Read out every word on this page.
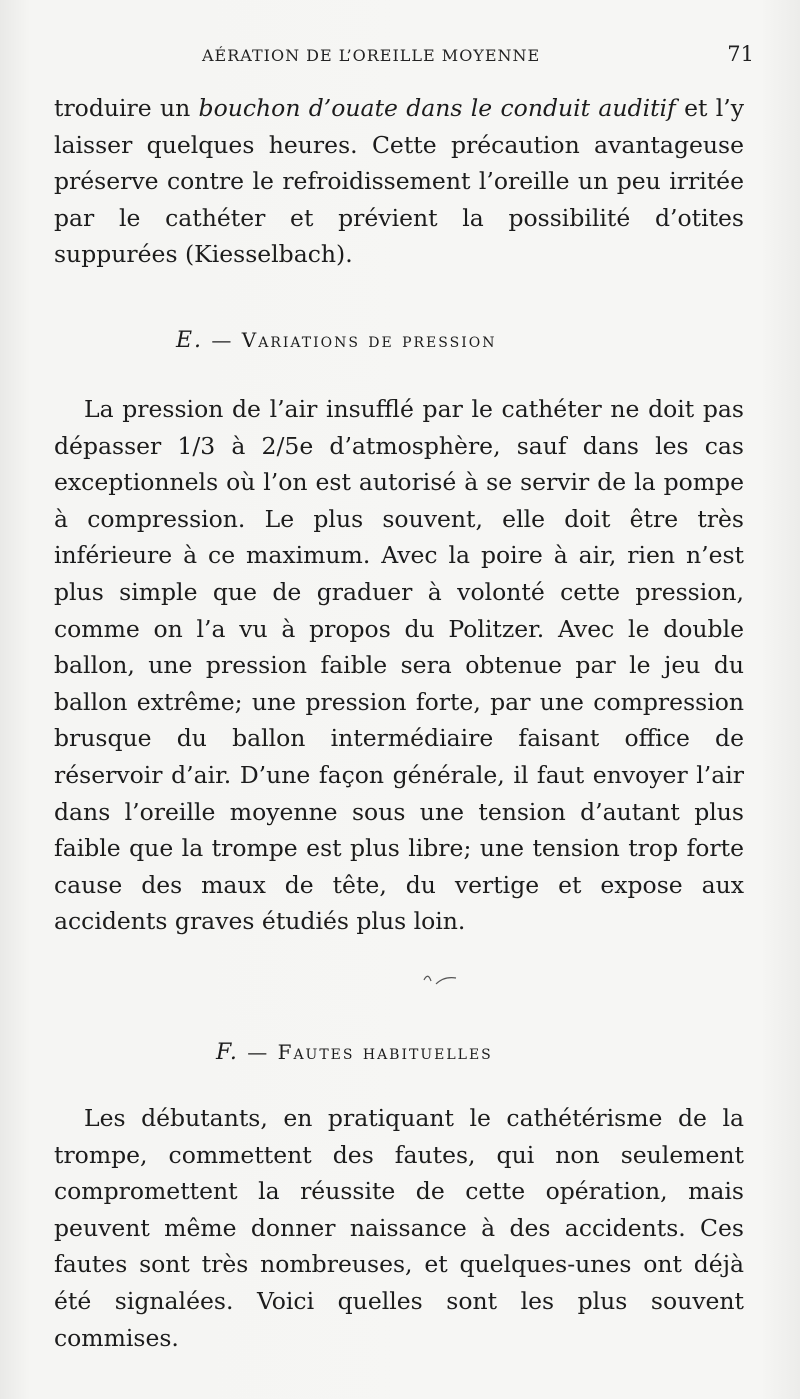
AÉRATION DE L’OREILLE MOYENNE	71

troduire un bouchon d’ouate dans le conduit auditif et l’y laisser quelques heures. Cette précaution avantageuse préserve contre le refroidissement l’oreille un peu irritée par le cathéter et prévient la possibilité d’otites suppurées (Kiesselbach).

E. — Variations de pression

La pression de l’air insufflé par le cathéter ne doit pas dépasser 1/3 à 2/5e d’atmosphère, sauf dans les cas exceptionnels où l’on est autorisé à se servir de la pompe à compression. Le plus souvent, elle doit être très inférieure à ce maximum. Avec la poire à air, rien n’est plus simple que de graduer à volonté cette pression, comme on l’a vu à propos du Politzer. Avec le double ballon, une pression faible sera obtenue par le jeu du ballon extrême; une pression forte, par une compression brusque du ballon intermédiaire faisant office de réservoir d’air. D’une façon générale, il faut envoyer l’air dans l’oreille moyenne sous une tension d’autant plus faible que la trompe est plus libre; une tension trop forte cause des maux de tête, du vertige et expose aux accidents graves étudiés plus loin.

F. — Fautes habituelles

Les débutants, en pratiquant le cathétérisme de la trompe, commettent des fautes, qui non seulement compromettent la réussite de cette opération, mais peuvent même donner naissance à des accidents. Ces fautes sont très nombreuses, et quelques-unes ont déjà été signalées. Voici quelles sont les plus souvent commises.
